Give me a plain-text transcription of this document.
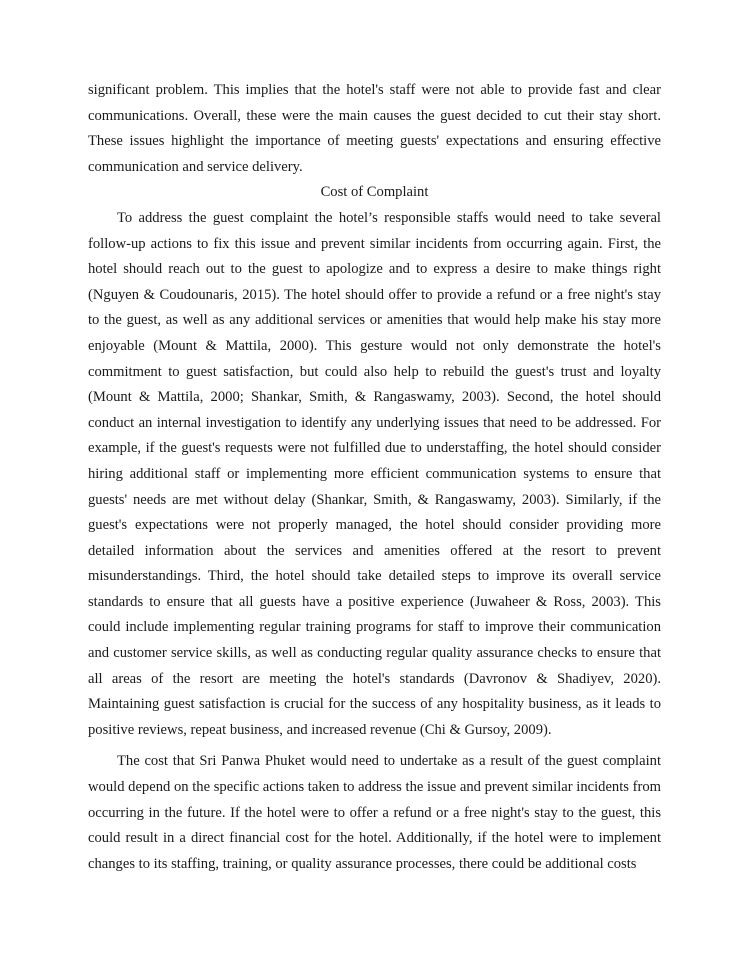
significant problem. This implies that the hotel's staff were not able to provide fast and clear communications. Overall, these were the main causes the guest decided to cut their stay short. These issues highlight the importance of meeting guests' expectations and ensuring effective communication and service delivery.

Cost of Complaint

To address the guest complaint the hotel’s responsible staffs would need to take several follow-up actions to fix this issue and prevent similar incidents from occurring again. First, the hotel should reach out to the guest to apologize and to express a desire to make things right (Nguyen & Coudounaris, 2015). The hotel should offer to provide a refund or a free night's stay to the guest, as well as any additional services or amenities that would help make his stay more enjoyable (Mount & Mattila, 2000). This gesture would not only demonstrate the hotel's commitment to guest satisfaction, but could also help to rebuild the guest's trust and loyalty (Mount & Mattila, 2000; Shankar, Smith, & Rangaswamy, 2003). Second, the hotel should conduct an internal investigation to identify any underlying issues that need to be addressed. For example, if the guest's requests were not fulfilled due to understaffing, the hotel should consider hiring additional staff or implementing more efficient communication systems to ensure that guests' needs are met without delay (Shankar, Smith, & Rangaswamy, 2003). Similarly, if the guest's expectations were not properly managed, the hotel should consider providing more detailed information about the services and amenities offered at the resort to prevent misunderstandings. Third, the hotel should take detailed steps to improve its overall service standards to ensure that all guests have a positive experience (Juwaheer & Ross, 2003). This could include implementing regular training programs for staff to improve their communication and customer service skills, as well as conducting regular quality assurance checks to ensure that all areas of the resort are meeting the hotel's standards (Davronov & Shadiyev, 2020). Maintaining guest satisfaction is crucial for the success of any hospitality business, as it leads to positive reviews, repeat business, and increased revenue (Chi & Gursoy, 2009).

The cost that Sri Panwa Phuket would need to undertake as a result of the guest complaint would depend on the specific actions taken to address the issue and prevent similar incidents from occurring in the future. If the hotel were to offer a refund or a free night's stay to the guest, this could result in a direct financial cost for the hotel. Additionally, if the hotel were to implement changes to its staffing, training, or quality assurance processes, there could be additional costs
